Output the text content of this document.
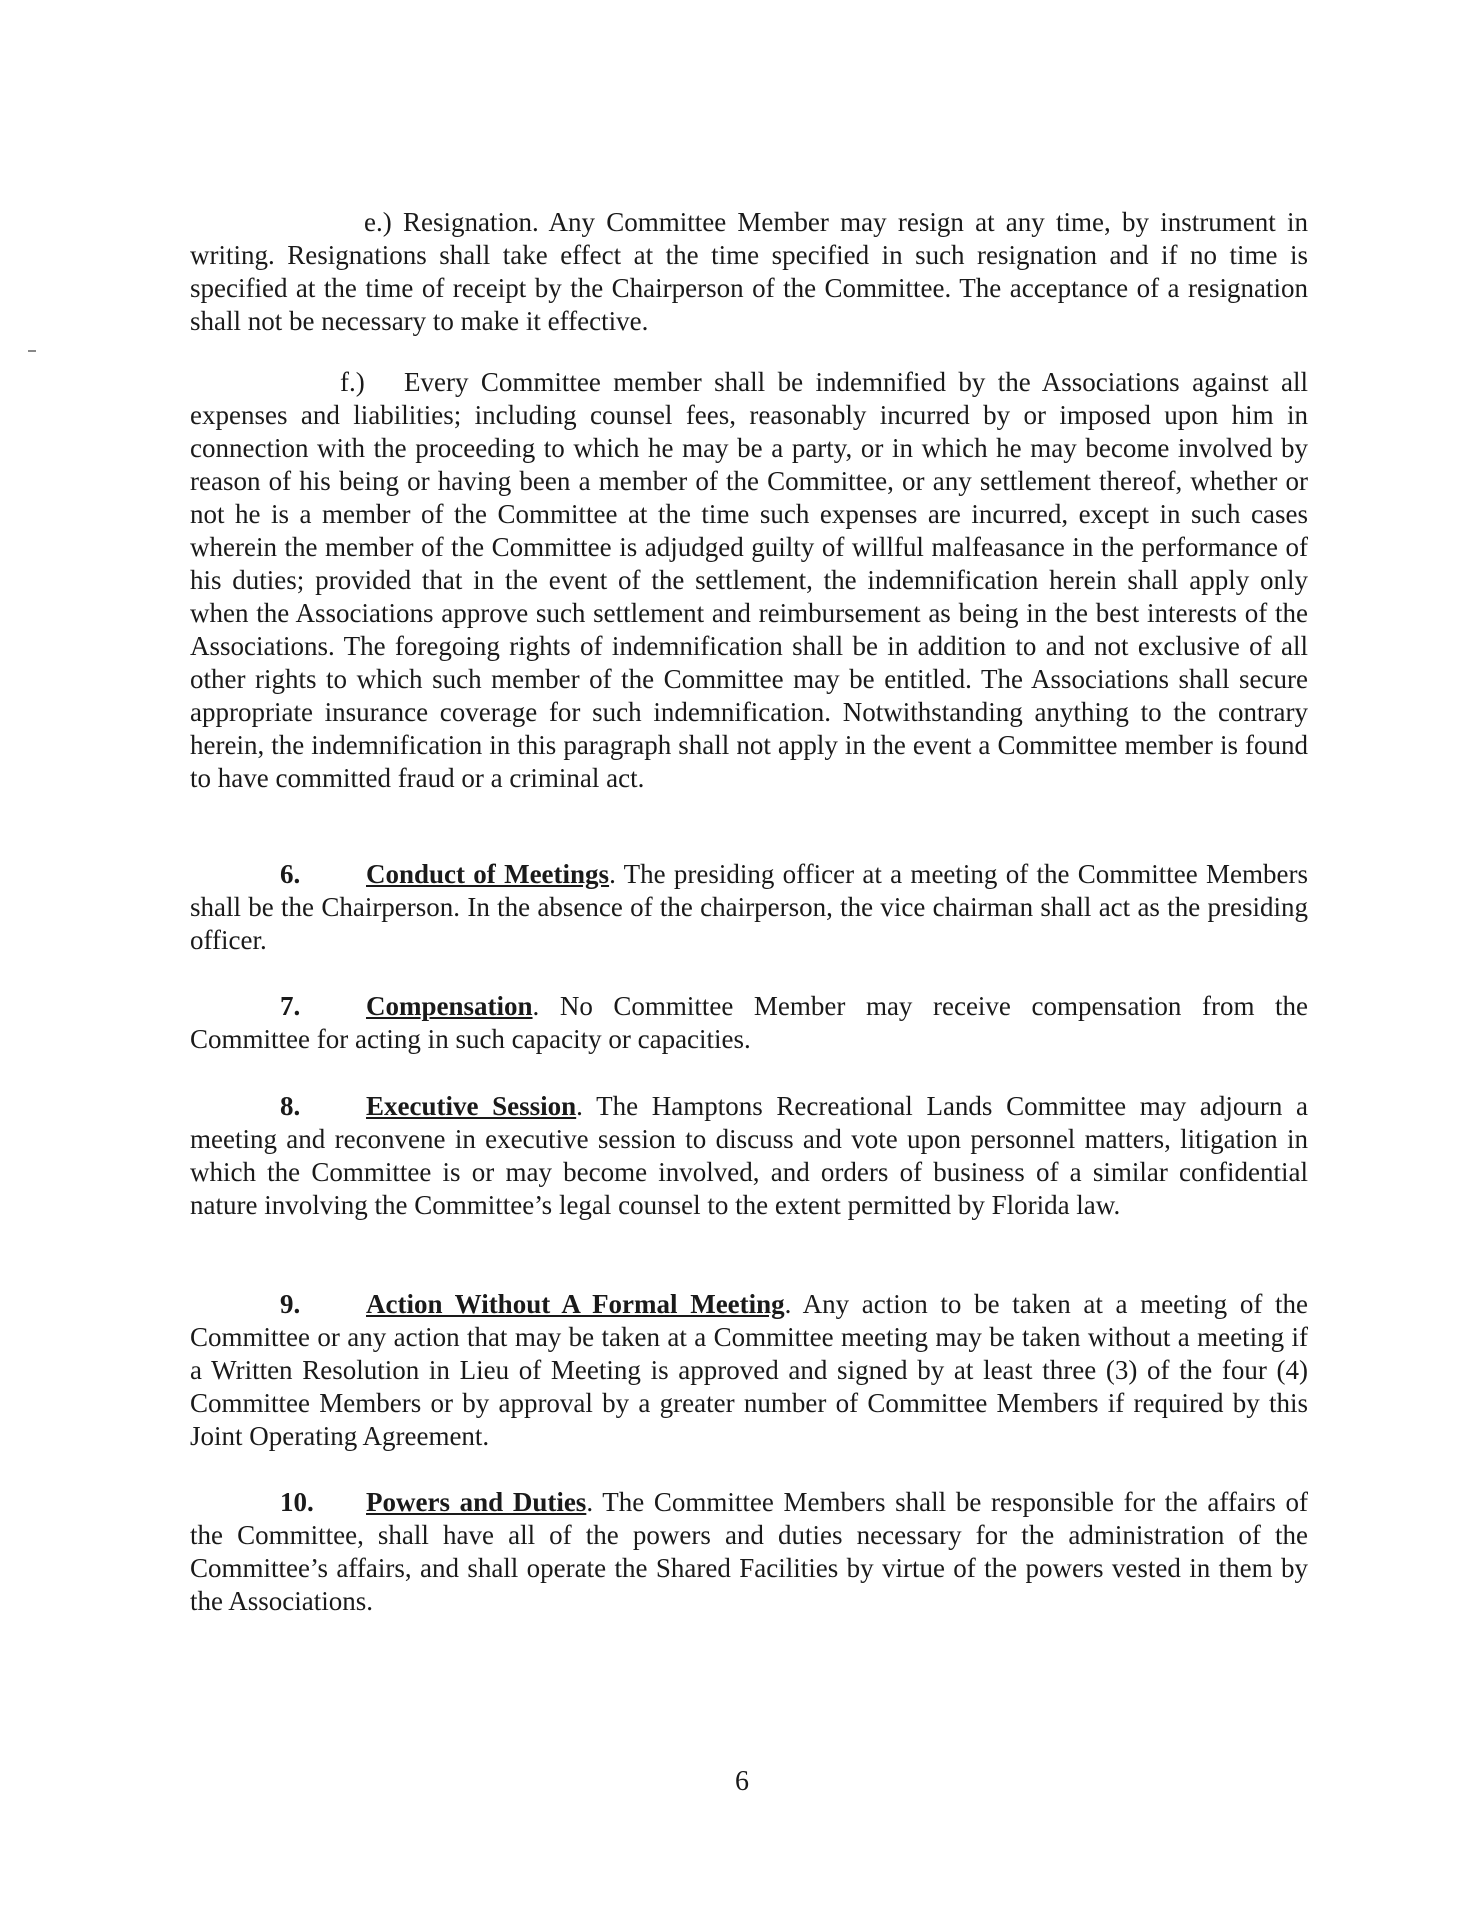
e.) Resignation. Any Committee Member may resign at any time, by instrument in writing. Resignations shall take effect at the time specified in such resignation and if no time is specified at the time of receipt by the Chairperson of the Committee. The acceptance of a resignation shall not be necessary to make it effective.

f.) Every Committee member shall be indemnified by the Associations against all expenses and liabilities; including counsel fees, reasonably incurred by or imposed upon him in connection with the proceeding to which he may be a party, or in which he may become involved by reason of his being or having been a member of the Committee, or any settlement thereof, whether or not he is a member of the Committee at the time such expenses are incurred, except in such cases wherein the member of the Committee is adjudged guilty of willful malfeasance in the performance of his duties; provided that in the event of the settlement, the indemnification herein shall apply only when the Associations approve such settlement and reimbursement as being in the best interests of the Associations. The foregoing rights of indemnification shall be in addition to and not exclusive of all other rights to which such member of the Committee may be entitled. The Associations shall secure appropriate insurance coverage for such indemnification. Notwithstanding anything to the contrary herein, the indemnification in this paragraph shall not apply in the event a Committee member is found to have committed fraud or a criminal act.

6. Conduct of Meetings. The presiding officer at a meeting of the Committee Members shall be the Chairperson. In the absence of the chairperson, the vice chairman shall act as the presiding officer.

7. Compensation. No Committee Member may receive compensation from the Committee for acting in such capacity or capacities.

8. Executive Session. The Hamptons Recreational Lands Committee may adjourn a meeting and reconvene in executive session to discuss and vote upon personnel matters, litigation in which the Committee is or may become involved, and orders of business of a similar confidential nature involving the Committee’s legal counsel to the extent permitted by Florida law.

9. Action Without A Formal Meeting. Any action to be taken at a meeting of the Committee or any action that may be taken at a Committee meeting may be taken without a meeting if a Written Resolution in Lieu of Meeting is approved and signed by at least three (3) of the four (4) Committee Members or by approval by a greater number of Committee Members if required by this Joint Operating Agreement.

10. Powers and Duties. The Committee Members shall be responsible for the affairs of the Committee, shall have all of the powers and duties necessary for the administration of the Committee’s affairs, and shall operate the Shared Facilities by virtue of the powers vested in them by the Associations.

6
